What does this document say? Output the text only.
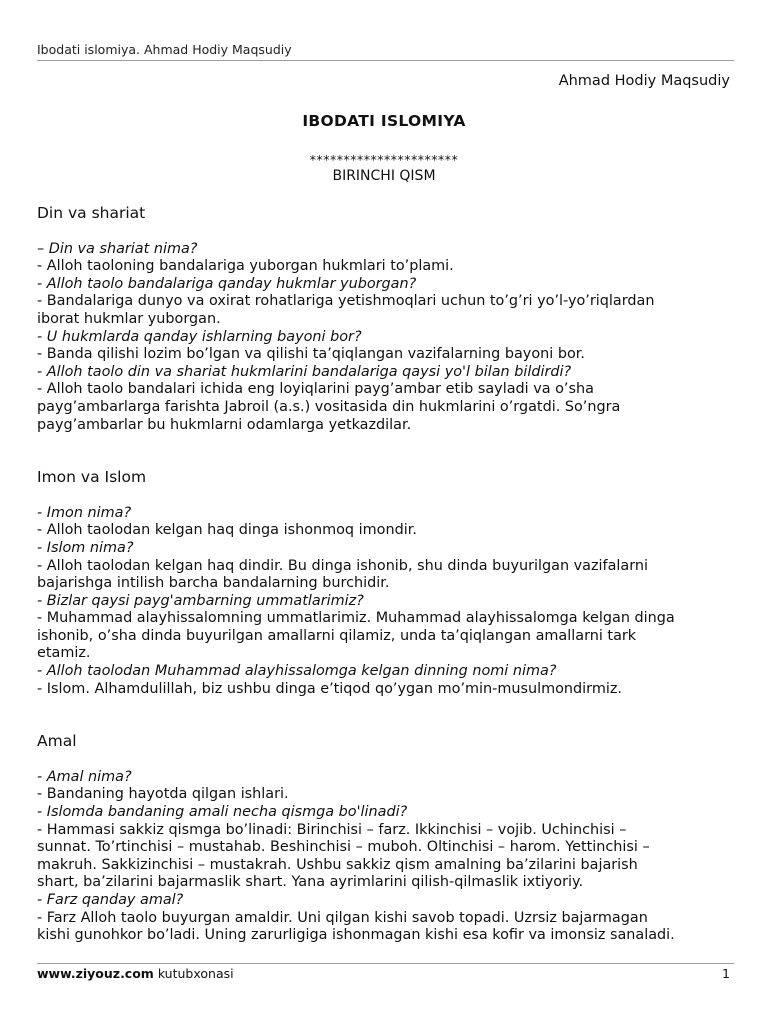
Ibodati islomiya. Ahmad Hodiy Maqsudiy
Ahmad Hodiy Maqsudiy
IBODATI ISLOMIYA
**********************
BIRINCHI QISM
Din va shariat
– Din va shariat nima?
- Alloh taoloning bandalariga yuborgan hukmlari to’plami.
- Alloh taolo bandalariga qanday hukmlar yuborgan?
- Bandalariga dunyo va oxirat rohatlariga yetishmoqlari uchun to’g’ri yo’l-yo’riqlardan
iborat hukmlar yuborgan.
- U hukmlarda qanday ishlarning bayoni bor?
- Banda qilishi lozim bo’lgan va qilishi ta’qiqlangan vazifalarning bayoni bor.
- Alloh taolo din va shariat hukmlarini bandalariga qaysi yo'l bilan bildirdi?
- Alloh taolo bandalari ichida eng loyiqlarini payg’ambar etib sayladi va o’sha
payg’ambarlarga farishta Jabroil (a.s.) vositasida din hukmlarini o’rgatdi. So’ngra
payg’ambarlar bu hukmlarni odamlarga yetkazdilar.
Imon va Islom
- Imon nima?
- Alloh taolodan kelgan haq dinga ishonmoq imondir.
- Islom nima?
- Alloh taolodan kelgan haq dindir. Bu dinga ishonib, shu dinda buyurilgan vazifalarni
bajarishga intilish barcha bandalarning burchidir.
- Bizlar qaysi payg'ambarning ummatlarimiz?
- Muhammad alayhissalomning ummatlarimiz. Muhammad alayhissalomga kelgan dinga
ishonib, o’sha dinda buyurilgan amallarni qilamiz, unda ta’qiqlangan amallarni tark
etamiz.
- Alloh taolodan Muhammad alayhissalomga kelgan dinning nomi nima?
- Islom. Alhamdulillah, biz ushbu dinga e’tiqod qo’ygan mo’min-musulmondirmiz.
Amal
- Amal nima?
- Bandaning hayotda qilgan ishlari.
- Islomda bandaning amali necha qismga bo'linadi?
- Hammasi sakkiz qismga bo’linadi: Birinchisi – farz. Ikkinchisi – vojib. Uchinchisi –
sunnat. To’rtinchisi – mustahab. Beshinchisi – muboh. Oltinchisi – harom. Yettinchisi –
makruh. Sakkizinchisi – mustakrah. Ushbu sakkiz qism amalning ba’zilarini bajarish
shart, ba’zilarini bajarmaslik shart. Yana ayrimlarini qilish-qilmaslik ixtiyoriy.
- Farz qanday amal?
- Farz Alloh taolo buyurgan amaldir. Uni qilgan kishi savob topadi. Uzrsiz bajarmagan
kishi gunohkor bo’ladi. Uning zarurligiga ishonmagan kishi esa kofir va imonsiz sanaladi.
www.ziyouz.com kutubxonasi	1
